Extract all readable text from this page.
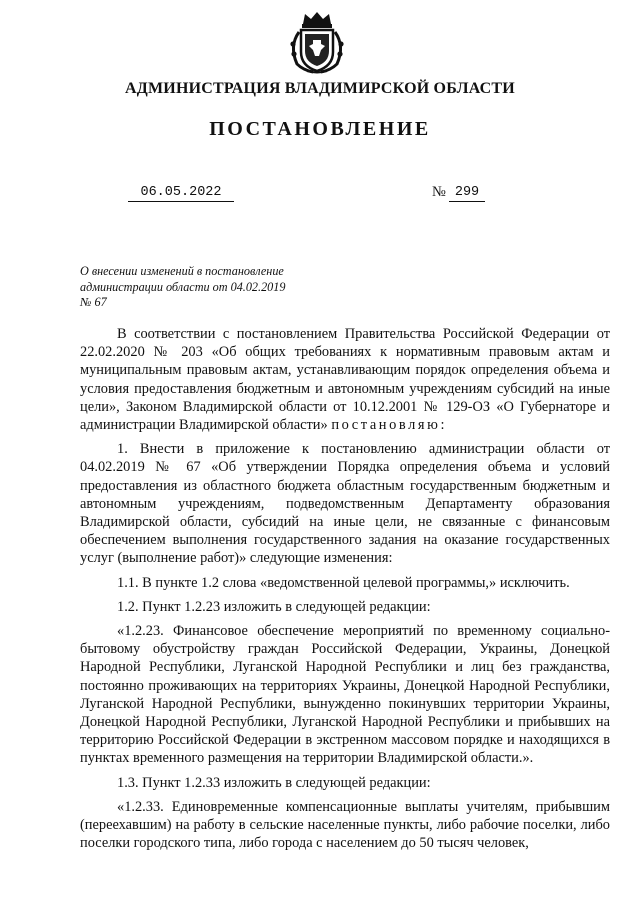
АДМИНИСТРАЦИЯ ВЛАДИМИРСКОЙ ОБЛАСТИ
ПОСТАНОВЛЕНИЕ
06.05.2022	№ 299
О внесении изменений в постановление
администрации области от 04.02.2019
№ 67

В соответствии с постановлением Правительства Российской Федерации от 22.02.2020 № 203 «Об общих требованиях к нормативным правовым актам и муниципальным правовым актам, устанавливающим порядок определения объема и условия предоставления бюджетным и автономным учреждениям субсидий на иные цели», Законом Владимирской области от 10.12.2001 № 129-ОЗ «О Губернаторе и администрации Владимирской области» постановляю:

1. Внести в приложение к постановлению администрации области от 04.02.2019 № 67 «Об утверждении Порядка определения объема и условий предоставления из областного бюджета областным государственным бюджетным и автономным учреждениям, подведомственным Департаменту образования Владимирской области, субсидий на иные цели, не связанные с финансовым обеспечением выполнения государственного задания на оказание государственных услуг (выполнение работ)» следующие изменения:

1.1. В пункте 1.2 слова «ведомственной целевой программы,» исключить.

1.2. Пункт 1.2.23 изложить в следующей редакции:

«1.2.23. Финансовое обеспечение мероприятий по временному социально-бытовому обустройству граждан Российской Федерации, Украины, Донецкой Народной Республики, Луганской Народной Республики и лиц без гражданства, постоянно проживающих на территориях Украины, Донецкой Народной Республики, Луганской Народной Республики, вынужденно покинувших территории Украины, Донецкой Народной Республики, Луганской Народной Республики и прибывших на территорию Российской Федерации в экстренном массовом порядке и находящихся в пунктах временного размещения на территории Владимирской области.».

1.3. Пункт 1.2.33 изложить в следующей редакции:

«1.2.33. Единовременные компенсационные выплаты учителям, прибывшим (переехавшим) на работу в сельские населенные пункты, либо рабочие поселки, либо поселки городского типа, либо города с населением до 50 тысяч человек,
